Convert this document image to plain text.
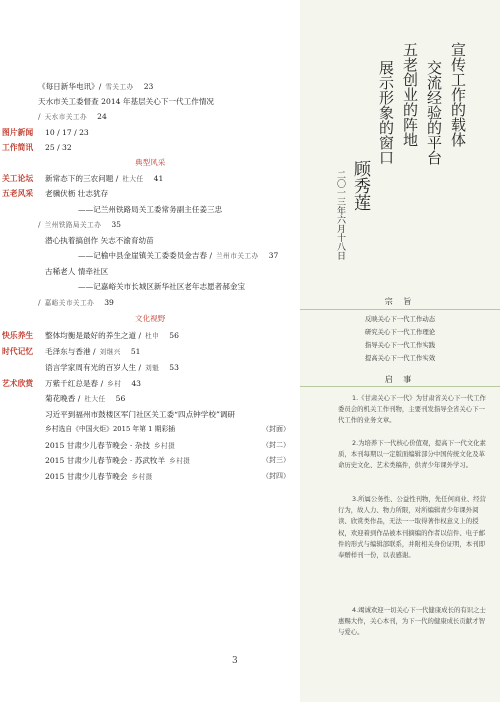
《每日新华电讯》/ 雪关工办 23
天水市关工委督查 2014 年基层关心下一代工作情况
/ 天水市关工办 24
图片新闻 10 / 17 / 23
工作简讯 25 / 32
典型风采
关工论坛 新常态下的三农问题 / 杜大任 41
五老风采 老骥伏枥 壮志犹存
——记兰州铁路局关工委常务副主任姜三忠
/ 兰州铁路局关工办 35
潜心执着搞创作 矢志不渝育幼苗
——记榆中县金崖镇关工委委员金吉春 / 兰州市关工办 37
古稀老人 情牵社区
——记嘉峪关市长城区新华社区老年志愿者郝金宝
/ 嘉峪关市关工办 39
文化视野
快乐养生 整体均衡是最好的养生之道 / 杜申 56
时代记忆 毛泽东与香港 / 刘继兴 51
语言学家周有光的百岁人生 / 刘魁 53
艺术欣赏 万紫千红总是春 / 乡村 43
菊花晚香 / 杜大任 56
习近平到福州市鼓楼区军门社区关工委“四点钟学校”调研
乡村选自《中国火炬》2015 年第 1 期彩插	（封面）
2015 甘肃少儿春节晚会 · 杂技 乡村摄	（封二）
2015 甘肃少儿春节晚会 · 苏武牧羊 乡村摄	（封三）
2015 甘肃少儿春节晚会 乡村摄	（封四）
3
宣传工作的载体
交流经验的平台
五老创业的阵地
展示形象的窗口
顾秀莲
二〇一三年六月十八日
宗 旨
反映关心下一代工作动态
研究关心下一代工作理论
指导关心下一代工作实践
提高关心下一代工作实效
启 事
1.《甘肃关心下一代》为甘肃省关心下一代工作委员会的机关工作刊物，主要刊发指导全省关心下一代工作的业务文章。
2.为培养下一代核心价值观，提高下一代文化素质，本刊每期以一定版面编辑部分中国传统文化及革命历史文化、艺术类稿件，供青少年课外学习。
3.所属公务性、公益性刊物，先任何商业、经营行为，故人力、物力所限，对所编辑青少年课外阅读、欣赏类作品，无法一一取得著作权意义上的授权，欢迎着到作品被本刊摘编的作者以信件、电子邮件的形式与编辑部联系，并附相关身份证明，本刊即奉赠样刊一份，以表感谢。
4.竭诚欢迎一切关心下一代健康成长的有识之士惠赐大作，关心本刊，为下一代的健康成长贡献才智与爱心。
